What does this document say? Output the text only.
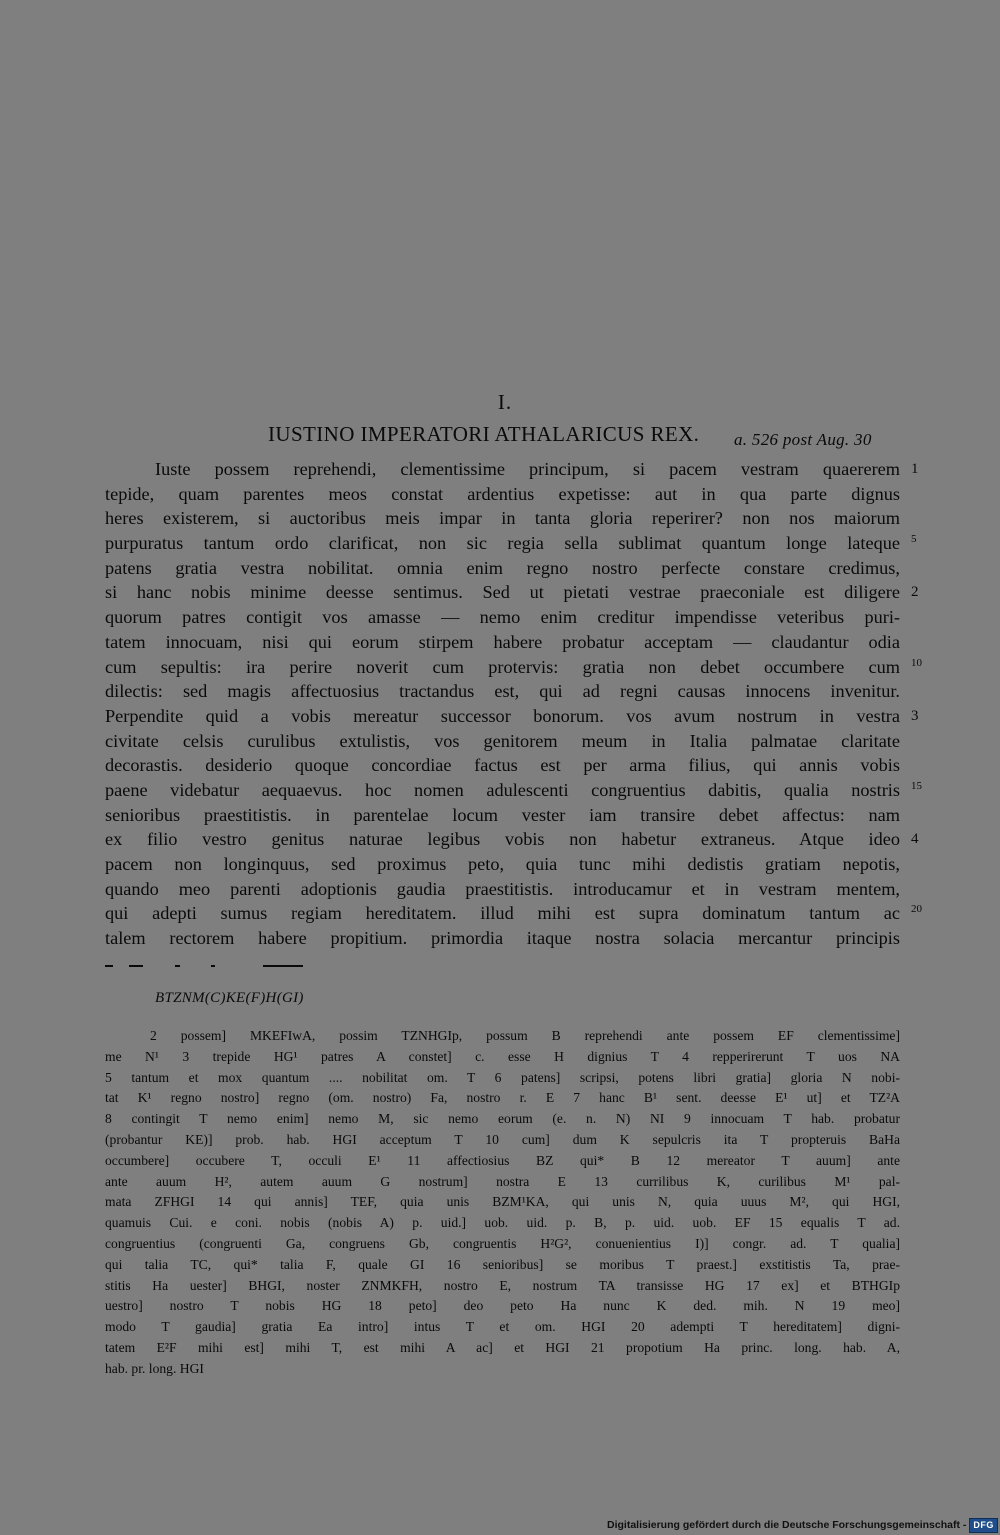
I.
IUSTINO IMPERATORI ATHALARICUS REX. a. 526 post Aug. 30
Iuste possem reprehendi, clementissime principum, si pacem vestram quaererem 1
tepide, quam parentes meos constat ardentius expetisse: aut in qua parte dignus
heres existerem, si auctoribus meis impar in tanta gloria reperirer? non nos maiorum
purpuratus tantum ordo clarificat, non sic regia sella sublimat quantum longe lateque 5
patens gratia vestra nobilitat. omnia enim regno nostro perfecte constare credimus,
si hanc nobis minime deesse sentimus. Sed ut pietati vestrae praeconiale est diligere 2
quorum patres contigit vos amasse — nemo enim creditur impendisse veteribus puri-
tatem innocuam, nisi qui eorum stirpem habere probatur acceptam — claudantur odia
cum sepultis: ira perire noverit cum protervis: gratia non debet occumbere cum 10
dilectis: sed magis affectuosius tractandus est, qui ad regni causas innocens invenitur.
Perpendite quid a vobis mereatur successor bonorum. vos avum nostrum in vestra 3
civitate celsis curulibus extulistis, vos genitorem meum in Italia palmatae claritate
decorastis. desiderio quoque concordiae factus est per arma filius, qui annis vobis
paene videbatur aequaevus. hoc nomen adulescenti congruentius dabitis, qualia nostris 15
senioribus praestitistis. in parentelae locum vester iam transire debet affectus: nam
ex filio vestro genitus naturae legibus vobis non habetur extraneus. Atque ideo 4
pacem non longinquus, sed proximus peto, quia tunc mihi dedistis gratiam nepotis,
quando meo parenti adoptionis gaudia praestitistis. introducamur et in vestram mentem,
qui adepti sumus regiam hereditatem. illud mihi est supra dominatum tantum ac 20
talem rectorem habere propitium. primordia itaque nostra solacia mercantur principis
BTZNM(C)KE(F)H(GI)
2 possem] MKEFIwA, possim TZNHGIp, possum B reprehendi ante possem EF clementissime]
me N¹ 3 trepide HG¹ patres A constet] c. esse H dignius T 4 repperirerunt T uos NA
5 tantum et mox quantum .... nobilitat om. T 6 patens] scripsi, potens libri gratia] gloria N nobi-
tat K¹ regno nostro] regno (om. nostro) Fa, nostro r. E 7 hanc B¹ sent. deesse E¹ ut] et TZ²A
8 contingit T nemo enim] nemo M, sic nemo eorum (e. n. N) NI 9 innocuam T hab. probatur
(probantur KE)] prob. hab. HGI acceptum T 10 cum] dum K sepulcris ita T propteruis BaHa
occumbere] occubere T, occuli E¹ 11 affectiosius BZ qui* B 12 mereator T auum] ante
ante auum H², autem auum G nostrum] nostra E 13 currilibus K, curilibus M¹ pal-
mata ZFHGI 14 qui annis] TEF, quia unis BZM¹KA, qui unis N, quia uuus M², qui HGI,
quamuis Cui. e coni. nobis (nobis A) p. uid.] uob. uid. p. B, p. uid. uob. EF 15 equalis T ad.
congruentius (congruenti Ga, congruens Gb, congruentis H²G², conuenientius I)] congr. ad. T qualia]
qui talia TC, qui* talia F, quale GI 16 senioribus] se moribus T praest.] exstitistis Ta, prae-
stitis Ha uester] BHGI, noster ZNMKFH, nostro E, nostrum TA transisse HG 17 ex] et BTHGIp
uestro] nostro T nobis HG 18 peto] deo peto Ha nunc K ded. mih. N 19 meo]
modo T gaudia] gratia Ea intro] intus T et om. HGI 20 adempti T hereditatem] digni-
tatem E²F mihi est] mihi T, est mihi A ac] et HGI 21 propotium Ha princ. long. hab. A,
hab. pr. long. HGI
Digitalisierung gefördert durch die Deutsche Forschungsgemeinschaft - DFG
